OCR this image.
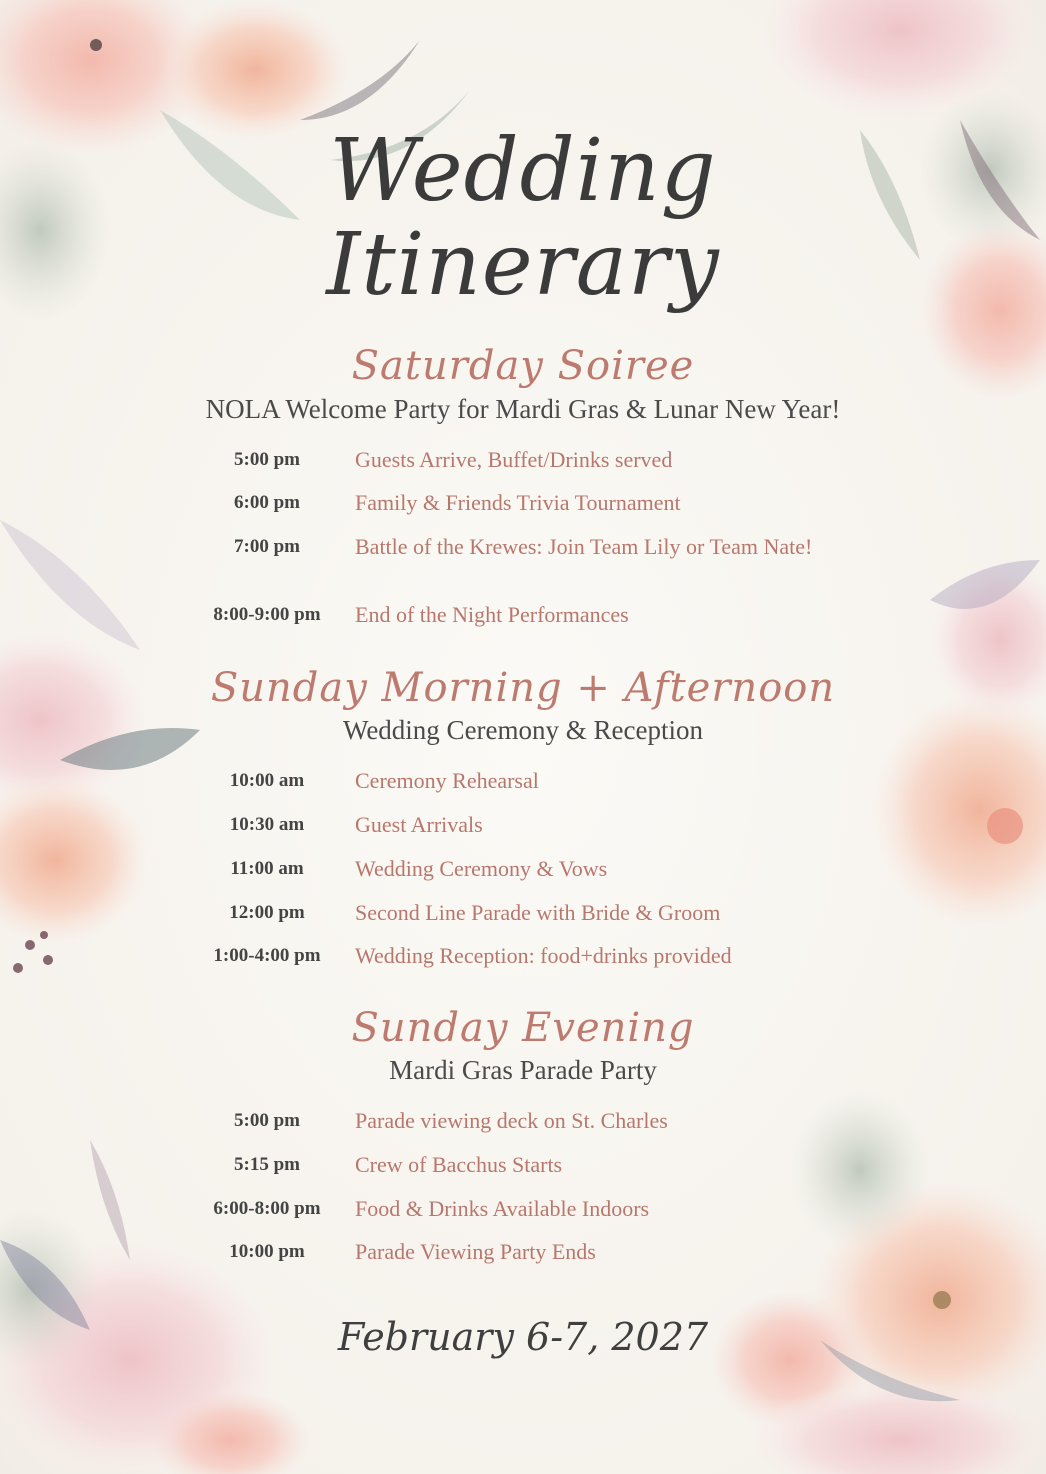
Wedding
Itinerary
Saturday Soiree
NOLA Welcome Party for Mardi Gras & Lunar New Year!
5:00 pm	Guests Arrive, Buffet/Drinks served
6:00 pm	Family & Friends Trivia Tournament
7:00 pm	Battle of the Krewes: Join Team Lily or Team Nate!
8:00-9:00 pm	End of the Night Performances
Sunday Morning + Afternoon
Wedding Ceremony & Reception
10:00 am	Ceremony Rehearsal
10:30 am	Guest Arrivals
11:00 am	Wedding Ceremony & Vows
12:00 pm	Second Line Parade with Bride & Groom
1:00-4:00 pm	Wedding Reception: food+drinks provided
Sunday Evening
Mardi Gras Parade Party
5:00 pm	Parade viewing deck on St. Charles
5:15 pm	Crew of Bacchus Starts
6:00-8:00 pm	Food & Drinks Available Indoors
10:00 pm	Parade Viewing Party Ends
February 6-7, 2027
